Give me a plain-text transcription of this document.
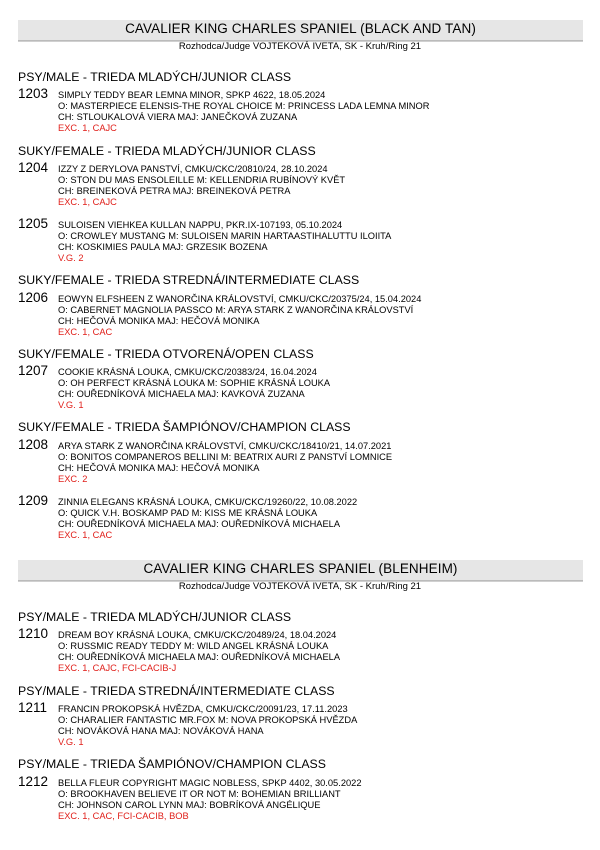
CAVALIER KING CHARLES SPANIEL (BLACK AND TAN)
Rozhodca/Judge VOJTEKOVÁ IVETA, SK - Kruh/Ring 21
PSY/MALE - TRIEDA MLADÝCH/JUNIOR CLASS
1203 SIMPLY TEDDY BEAR LEMNA MINOR, SPKP 4622, 18.05.2024
O: MASTERPIECE ELENSIS-THE ROYAL CHOICE M: PRINCESS LADA LEMNA MINOR
CH: STLOUKALOVÁ VIERA MAJ: JANEČKOVÁ ZUZANA
EXC. 1, CAJC
SUKY/FEMALE - TRIEDA MLADÝCH/JUNIOR CLASS
1204 IZZY Z DERYLOVA PANSTVÍ, CMKU/CKC/20810/24, 28.10.2024
O: STON DU MAS ENSOLEILLE M: KELLENDRIA RUBÍNOVÝ KVĚT
CH: BREINEKOVÁ PETRA MAJ: BREINEKOVÁ PETRA
EXC. 1, CAJC
1205 SULOISEN VIEHKEA KULLAN NAPPU, PKR.IX-107193, 05.10.2024
O: CROWLEY MUSTANG M: SULOISEN MARIN HARTAASTIHALUTTU ILOIITA
CH: KOSKIMIES PAULA MAJ: GRZESIK BOZENA
V.G. 2
SUKY/FEMALE - TRIEDA STREDNÁ/INTERMEDIATE CLASS
1206 EOWYN ELFSHEEN Z WANORČINA KRÁLOVSTVÍ, CMKU/CKC/20375/24, 15.04.2024
O: CABERNET MAGNOLIA PASSCO M: ARYA STARK Z WANORČINA KRÁLOVSTVÍ
CH: HEČOVÁ MONIKA MAJ: HEČOVÁ MONIKA
EXC. 1, CAC
SUKY/FEMALE - TRIEDA OTVORENÁ/OPEN CLASS
1207 COOKIE KRÁSNÁ LOUKA, CMKU/CKC/20383/24, 16.04.2024
O: OH PERFECT KRÁSNÁ LOUKA M: SOPHIE KRÁSNÁ LOUKA
CH: OUŘEDNÍKOVÁ MICHAELA MAJ: KAVKOVÁ ZUZANA
V.G. 1
SUKY/FEMALE - TRIEDA ŠAMPIÓNOV/CHAMPION CLASS
1208 ARYA STARK Z WANORČINA KRÁLOVSTVÍ, CMKU/CKC/18410/21, 14.07.2021
O: BONITOS COMPANEROS BELLINI M: BEATRIX AURI Z PANSTVÍ LOMNICE
CH: HEČOVÁ MONIKA MAJ: HEČOVÁ MONIKA
EXC. 2
1209 ZINNIA ELEGANS KRÁSNÁ LOUKA, CMKU/CKC/19260/22, 10.08.2022
O: QUICK V.H. BOSKAMP PAD M: KISS ME KRÁSNÁ LOUKA
CH: OUŘEDNÍKOVÁ MICHAELA MAJ: OUŘEDNÍKOVÁ MICHAELA
EXC. 1, CAC
CAVALIER KING CHARLES SPANIEL (BLENHEIM)
Rozhodca/Judge VOJTEKOVÁ IVETA, SK - Kruh/Ring 21
PSY/MALE - TRIEDA MLADÝCH/JUNIOR CLASS
1210 DREAM BOY KRÁSNÁ LOUKA, CMKU/CKC/20489/24, 18.04.2024
O: RUSSMIC READY TEDDY M: WILD ANGEL KRÁSNÁ LOUKA
CH: OUŘEDNÍKOVÁ MICHAELA MAJ: OUŘEDNÍKOVÁ MICHAELA
EXC. 1, CAJC, FCI-CACIB-J
PSY/MALE - TRIEDA STREDNÁ/INTERMEDIATE CLASS
1211 FRANCIN PROKOPSKÁ HVĚZDA, CMKU/CKC/20091/23, 17.11.2023
O: CHARALIER FANTASTIC MR.FOX M: NOVA PROKOPSKÁ HVĚZDA
CH: NOVÁKOVÁ HANA MAJ: NOVÁKOVÁ HANA
V.G. 1
PSY/MALE - TRIEDA ŠAMPIÓNOV/CHAMPION CLASS
1212 BELLA FLEUR COPYRIGHT MAGIC NOBLESS, SPKP 4402, 30.05.2022
O: BROOKHAVEN BELIEVE IT OR NOT M: BOHEMIAN BRILLIANT
CH: JOHNSON CAROL LYNN MAJ: BOBRÍKOVÁ ANGÉLIQUE
EXC. 1, CAC, FCI-CACIB, BOB
